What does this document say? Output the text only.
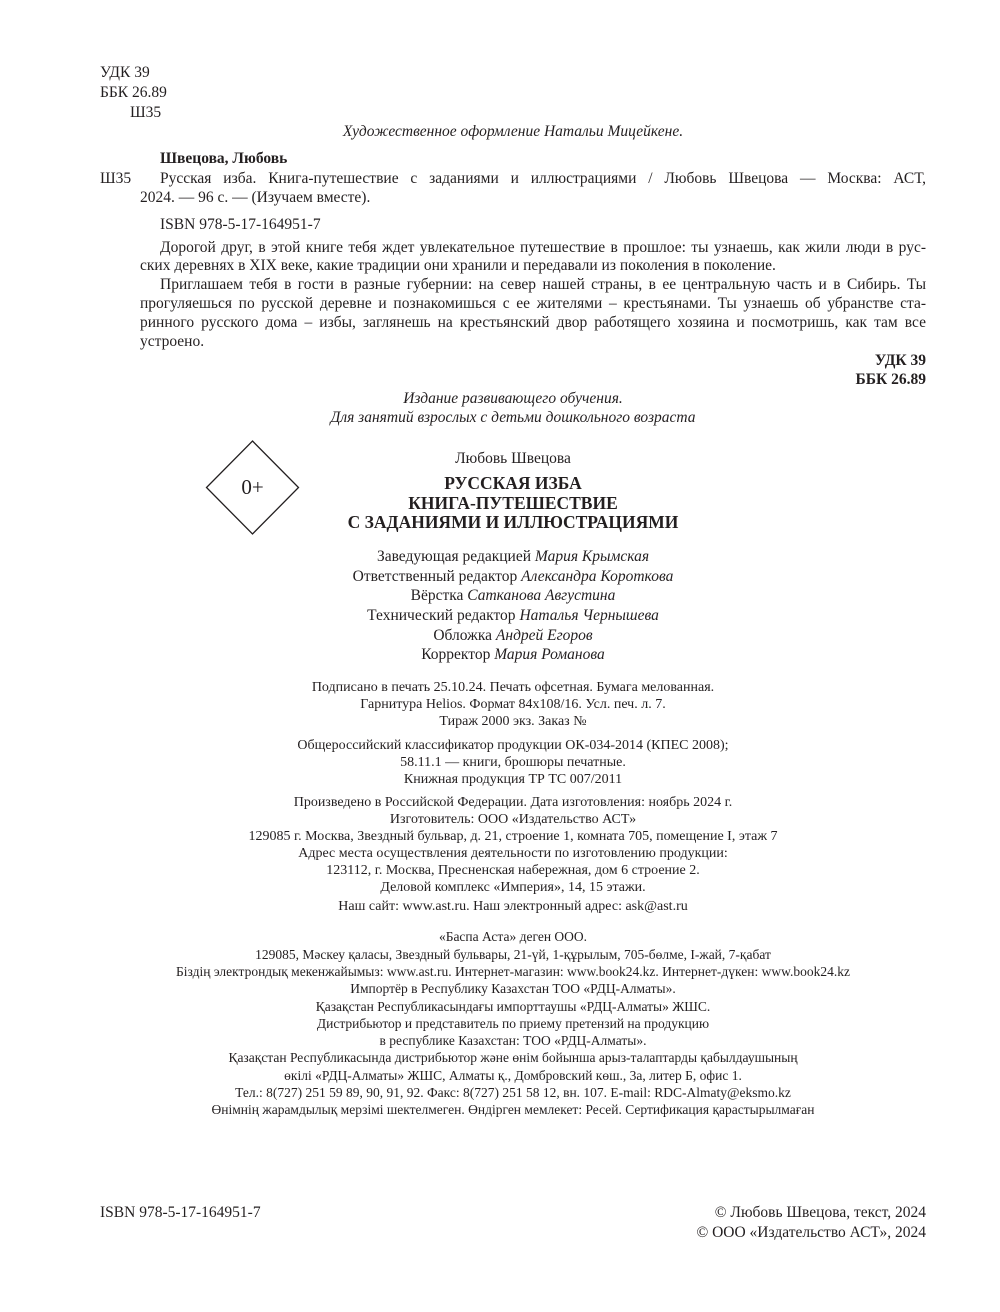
УДК 39
ББК 26.89
Ш35
Художественное оформление Натальи Мицейкене.
Швецова, Любовь
Ш35 Русская изба. Книга-путешествие с заданиями и иллюстрациями / Любовь Швецова — Москва: АСТ,
2024. — 96 с. — (Изучаем вместе).
ISBN 978-5-17-164951-7
Дорогой друг, в этой книге тебя ждет увлекательное путешествие в прошлое: ты узнаешь, как жили люди в рус-
ских деревнях в XIX веке, какие традиции они хранили и передавали из поколения в поколение.
Приглашаем тебя в гости в разные губернии: на север нашей страны, в ее центральную часть и в Сибирь. Ты
прогуляешься по русской деревне и познакомишься с ее жителями – крестьянами. Ты узнаешь об убранстве ста-
ринного русского дома – избы, заглянешь на крестьянский двор работящего хозяина и посмотришь, как там все
устроено.
УДК 39
ББК 26.89
Издание развивающего обучения.
Для занятий взрослых с детьми дошкольного возраста
0+
Любовь Швецова
РУССКАЯ ИЗБА
КНИГА-ПУТЕШЕСТВИЕ
С ЗАДАНИЯМИ И ИЛЛЮСТРАЦИЯМИ
Заведующая редакцией Мария Крымская
Ответственный редактор Александра Короткова
Вёрстка Сатканова Августина
Технический редактор Наталья Чернышева
Обложка Андрей Егоров
Корректор Мария Романова
Подписано в печать 25.10.24. Печать офсетная. Бумага мелованная.
Гарнитура Helios. Формат 84x108/16. Усл. печ. л. 7.
Тираж 2000 экз. Заказ №
Общероссийский классификатор продукции ОК-034-2014 (КПЕС 2008);
58.11.1 — книги, брошюры печатные.
Книжная продукция ТР ТС 007/2011
Произведено в Российской Федерации. Дата изготовления: ноябрь 2024 г.
Изготовитель: ООО «Издательство АСТ»
129085 г. Москва, Звездный бульвар, д. 21, строение 1, комната 705, помещение I, этаж 7
Адрес места осуществления деятельности по изготовлению продукции:
123112, г. Москва, Пресненская набережная, дом 6 строение 2.
Деловой комплекс «Империя», 14, 15 этажи.
Наш сайт: www.ast.ru. Наш электронный адрес: ask@ast.ru
«Баспа Аста» деген ООО.
129085, Мәскеу қаласы, Звездный бульвары, 21-үй, 1-құрылым, 705-бөлме, I-жай, 7-қабат
Біздің электрондық мекенжайымыз: www.ast.ru. Интернет-магазин: www.book24.kz. Интернет-дүкен: www.book24.kz
Импортёр в Республику Казахстан ТОО «РДЦ-Алматы».
Қазақстан Республикасындағы импорттаушы «РДЦ-Алматы» ЖШС.
Дистрибьютор и представитель по приему претензий на продукцию
в республике Казахстан: ТОО «РДЦ-Алматы».
Қазақстан Республикасында дистрибьютор және өнім бойынша арыз-талаптарды қабылдаушының
өкілі «РДЦ-Алматы» ЖШС, Алматы қ., Домбровский көш., 3а, литер Б, офис 1.
Тел.: 8(727) 251 59 89, 90, 91, 92. Факс: 8(727) 251 58 12, вн. 107. E-mail: RDC-Almaty@eksmo.kz
Өнімнің жарамдылық мерзімі шектелмеген. Өндірген мемлекет: Ресей. Сертификация қарастырылмаған
ISBN 978-5-17-164951-7	© Любовь Швецова, текст, 2024
© ООО «Издательство АСТ», 2024
